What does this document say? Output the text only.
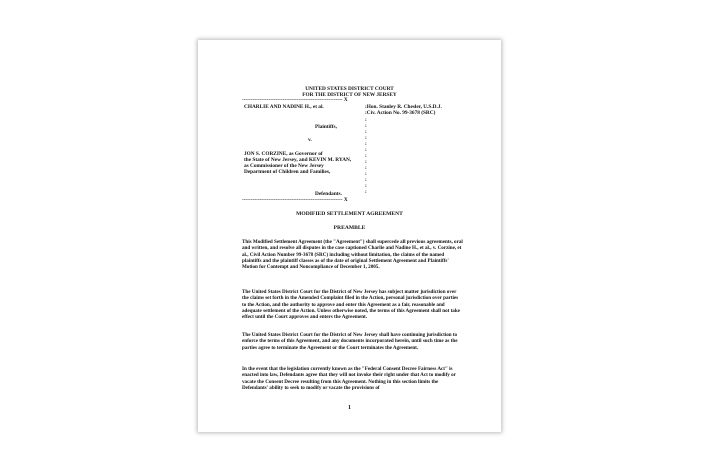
UNITED STATES DISTRICT COURT
FOR THE DISTRICT OF NEW JERSEY
--------------------------------------------------------- X
CHARLIE AND NADINE H., et al.	:Hon. Stanley R. Chesler, U.S.D.J.
:Civ. Action No. 99-3678 (SRC)
:
:
:
:
:
:
:
:
:
:
:
:
:
Plaintiffs,
v.
JON S. CORZINE, as Governor of
the State of New Jersey, and KEVIN M. RYAN,
as Commissioner of the New Jersey
Department of Children and Families,
Defendants.
--------------------------------------------------------- X
MODIFIED SETTLEMENT AGREEMENT
PREAMBLE
This Modified Settlement Agreement (the "Agreement") shall supercede all previous agreements, oral and written, and resolve all disputes in the case captioned Charlie and Nadine H., et al., v. Corzine, et al., Civil Action Number 99-3678 (SRC) including without limitation, the claims of the named plaintiffs and the plaintiff classes as of the date of original Settlement Agreement and Plaintiffs' Motion for Contempt and Noncompliance of December 1, 2005.
The United States District Court for the District of New Jersey has subject matter jurisdiction over the claims set forth in the Amended Complaint filed in the Action, personal jurisdiction over parties to the Action, and the authority to approve and enter this Agreement as a fair, reasonable and adequate settlement of the Action. Unless otherwise noted, the terms of this Agreement shall not take effect until the Court approves and enters the Agreement.
The United States District Court for the District of New Jersey shall have continuing jurisdiction to enforce the terms of this Agreement, and any documents incorporated herein, until such time as the parties agree to terminate the Agreement or the Court terminates the Agreement.
In the event that the legislation currently known as the "Federal Consent Decree Fairness Act" is enacted into law, Defendants agree that they will not invoke their right under that Act to modify or vacate the Consent Decree resulting from this Agreement. Nothing in this section limits the Defendants' ability to seek to modify or vacate the provisions of
1
